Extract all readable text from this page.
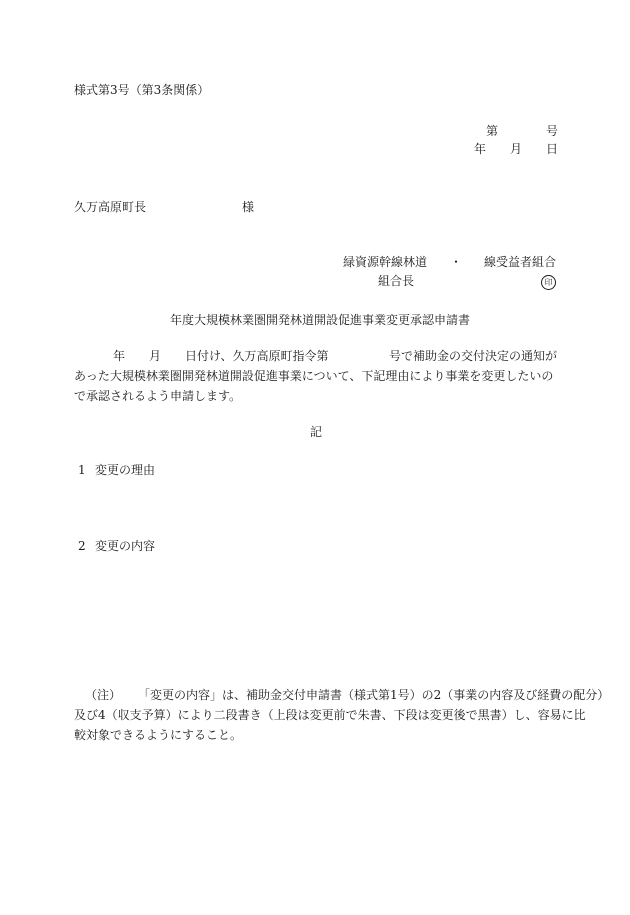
様式第3号（第3条関係）
第	号
年 月 日
久万高原町長	様
緑資源幹線林道 ・ 線受益者組合
組合長	印
年度大規模林業圏開発林道開設促進事業変更承認申請書
年 月 日付け、久万高原町指令第	号で補助金の交付決定の通知が
あった大規模林業圏開発林道開設促進事業について、下記理由により事業を変更したいの
で承認されるよう申請します。
記
1 変更の理由
2 変更の内容
（注） 「変更の内容」は、補助金交付申請書（様式第1号）の2（事業の内容及び経費の配分）
及び4（収支予算）により二段書き（上段は変更前で朱書、下段は変更後で黒書）し、容易に比
較対象できるようにすること。
